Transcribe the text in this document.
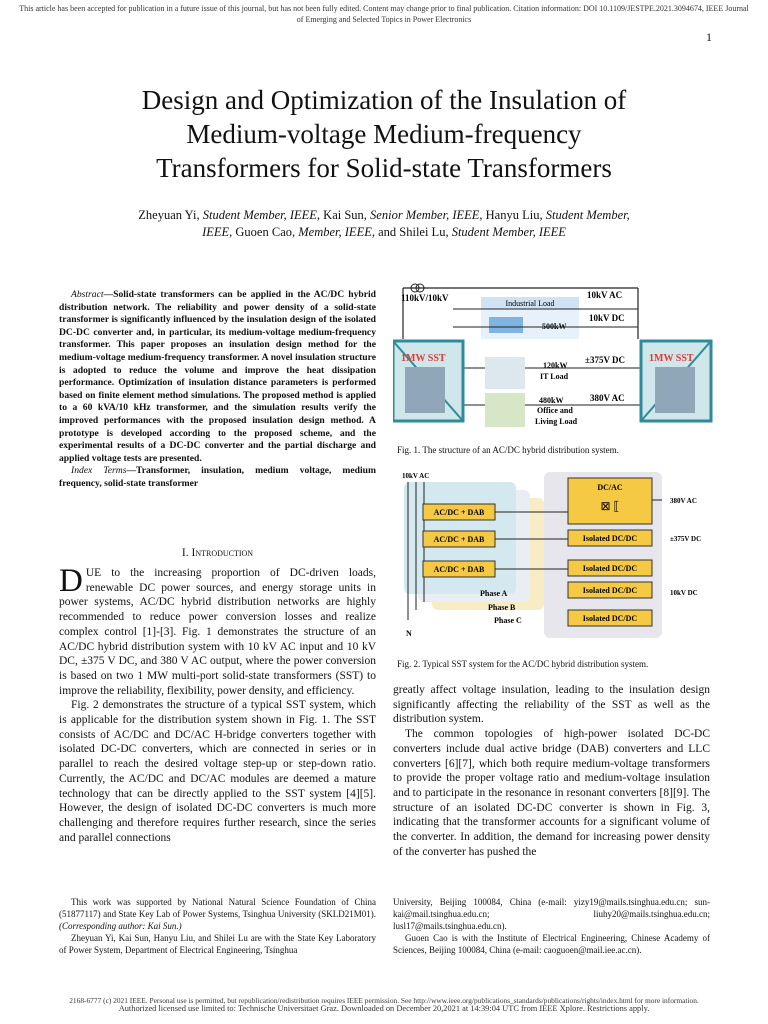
This article has been accepted for publication in a future issue of this journal, but has not been fully edited. Content may change prior to final publication. Citation information: DOI 10.1109/JESTPE.2021.3094674, IEEE Journal
of Emerging and Selected Topics in Power Electronics
1
Design and Optimization of the Insulation of
Medium-voltage Medium-frequency
Transformers for Solid-state Transformers
Zheyuan Yi, Student Member, IEEE, Kai Sun, Senior Member, IEEE, Hanyu Liu, Student Member,
IEEE, Guoen Cao, Member, IEEE, and Shilei Lu, Student Member, IEEE
Abstract—Solid-state transformers can be applied in the AC/DC hybrid distribution network. The reliability and power density of a solid-state transformer is significantly influenced by the insulation design of the isolated DC-DC converter and, in particular, its medium-voltage medium-frequency transformer. This paper proposes an insulation design method for the medium-voltage medium-frequency transformer. A novel insulation structure is adopted to reduce the volume and improve the heat dissipation performance. Optimization of insulation distance parameters is performed based on finite element method simulations. The proposed method is applied to a 60 kVA/10 kHz transformer, and the simulation results verify the improved performances with the proposed insulation design method. A prototype is developed according to the proposed scheme, and the experimental results of a DC-DC converter and the partial discharge and applied voltage tests are presented.
Index Terms—Transformer, insulation, medium voltage, medium frequency, solid-state transformer
I. Introduction
DUE to the increasing proportion of DC-driven loads, renewable DC power sources, and energy storage units in power systems, AC/DC hybrid distribution networks are highly recommended to reduce power conversion losses and realize complex control [1]-[3]. Fig. 1 demonstrates the structure of an AC/DC hybrid distribution system with 10 kV AC input and 10 kV DC, ±375 V DC, and 380 V AC output, where the power conversion is based on two 1 MW multi-port solid-state transformers (SST) to improve the reliability, flexibility, power density, and efficiency.
Fig. 2 demonstrates the structure of a typical SST system, which is applicable for the distribution system shown in Fig. 1. The SST consists of AC/DC and DC/AC H-bridge converters together with isolated DC-DC converters, which are connected in series or in parallel to reach the desired voltage step-up or step-down ratio. Currently, the AC/DC and DC/AC modules are deemed a mature technology that can be directly applied to the SST system [4][5]. However, the design of isolated DC-DC converters is much more challenging and therefore requires further research, since the series and parallel connections
110kV/10kV
Industrial Load
500kW
10kV AC
10kV DC
1MW SST	1MW SST
120kW
IT Load
±375V DC
480kW
Office and
Living Load
380V AC
Fig. 1. The structure of an AC/DC hybrid distribution system.
10kV AC
AC/DC + DAB
AC/DC + DAB
AC/DC + DAB
DC/AC
⊠ ⟦	380V AC
Isolated DC/DC	±375V DC
Isolated DC/DC
Isolated DC/DC
Isolated DC/DC
10kV DC
Phase A
Phase B
Phase C
N
Fig. 2. Typical SST system for the AC/DC hybrid distribution system.
greatly affect voltage insulation, leading to the insulation design significantly affecting the reliability of the SST as well as the distribution system.
The common topologies of high-power isolated DC-DC converters include dual active bridge (DAB) converters and LLC converters [6][7], which both require medium-voltage transformers to provide the proper voltage ratio and medium-voltage insulation and to participate in the resonance in resonant converters [8][9]. The structure of an isolated DC-DC converter is shown in Fig. 3, indicating that the transformer accounts for a significant volume of the converter. In addition, the demand for increasing power density of the converter has pushed the
This work was supported by National Natural Science Foundation of China (51877117) and State Key Lab of Power Systems, Tsinghua University (SKLD21M01). (Corresponding author: Kai Sun.)
Zheyuan Yi, Kai Sun, Hanyu Liu, and Shilei Lu are with the State Key Laboratory of Power System, Department of Electrical Engineering, Tsinghua
University, Beijing 100084, China (e-mail: yizy19@mails.tsinghua.edu.cn; sun-kai@mail.tsinghua.edu.cn; liuhy20@mails.tsinghua.edu.cn; lusl17@mails.tsinghua.edu.cn).
Guoen Cao is with the Institute of Electrical Engineering, Chinese Academy of Sciences, Beijing 100084, China (e-mail: caoguoen@mail.iee.ac.cn).
2168-6777 (c) 2021 IEEE. Personal use is permitted, but republication/redistribution requires IEEE permission. See http://www.ieee.org/publications_standards/publications/rights/index.html for more information.
Authorized licensed use limited to: Technische Universitaet Graz. Downloaded on December 20,2021 at 14:39:04 UTC from IEEE Xplore. Restrictions apply.
